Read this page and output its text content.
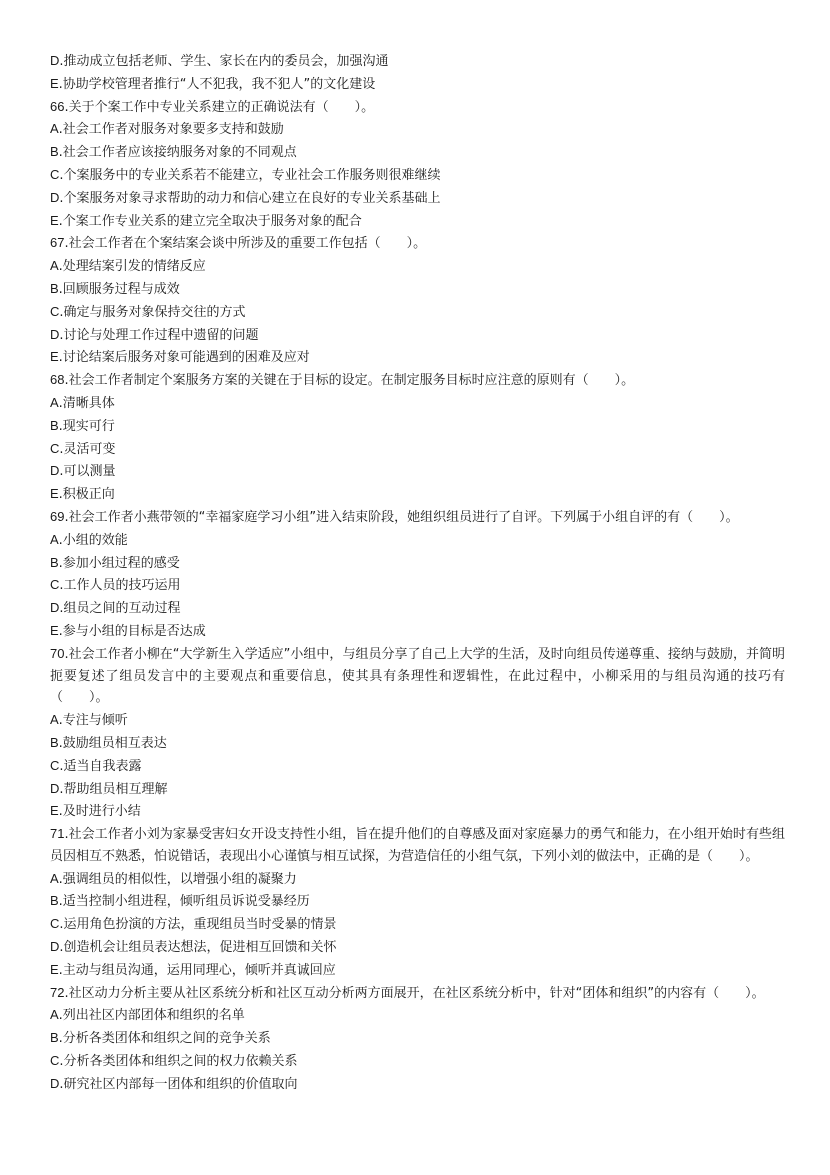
D.推动成立包括老师、学生、家长在内的委员会，加强沟通
E.协助学校管理者推行“人不犯我，我不犯人”的文化建设
66.关于个案工作中专业关系建立的正确说法有（　　）。
A.社会工作者对服务对象要多支持和鼓励
B.社会工作者应该接纳服务对象的不同观点
C.个案服务中的专业关系若不能建立，专业社会工作服务则很难继续
D.个案服务对象寻求帮助的动力和信心建立在良好的专业关系基础上
E.个案工作专业关系的建立完全取决于服务对象的配合
67.社会工作者在个案结案会谈中所涉及的重要工作包括（　　）。
A.处理结案引发的情绪反应
B.回顾服务过程与成效
C.确定与服务对象保持交往的方式
D.讨论与处理工作过程中遗留的问题
E.讨论结案后服务对象可能遇到的困难及应对
68.社会工作者制定个案服务方案的关键在于目标的设定。在制定服务目标时应注意的原则有（　　）。
A.清晰具体
B.现实可行
C.灵活可变
D.可以测量
E.积极正向
69.社会工作者小燕带领的“幸福家庭学习小组”进入结束阶段，她组织组员进行了自评。下列属于小组自评的有（　　）。
A.小组的效能
B.参加小组过程的感受
C.工作人员的技巧运用
D.组员之间的互动过程
E.参与小组的目标是否达成
70.社会工作者小柳在“大学新生入学适应”小组中，与组员分享了自己上大学的生活，及时向组员传递尊重、接纳与鼓励，并简明扼要复述了组员发言中的主要观点和重要信息，使其具有条理性和逻辑性，在此过程中，小柳采用的与组员沟通的技巧有（　　）。
A.专注与倾听
B.鼓励组员相互表达
C.适当自我表露
D.帮助组员相互理解
E.及时进行小结
71.社会工作者小刘为家暴受害妇女开设支持性小组，旨在提升他们的自尊感及面对家庭暴力的勇气和能力，在小组开始时有些组员因相互不熟悉，怕说错话，表现出小心谨慎与相互试探，为营造信任的小组气氛，下列小刘的做法中，正确的是（　　）。
A.强调组员的相似性，以增强小组的凝聚力
B.适当控制小组进程，倾听组员诉说受暴经历
C.运用角色扮演的方法，重现组员当时受暴的情景
D.创造机会让组员表达想法，促进相互回馈和关怀
E.主动与组员沟通，运用同理心，倾听并真诚回应
72.社区动力分析主要从社区系统分析和社区互动分析两方面展开，在社区系统分析中，针对“团体和组织”的内容有（　　）。
A.列出社区内部团体和组织的名单
B.分析各类团体和组织之间的竞争关系
C.分析各类团体和组织之间的权力依赖关系
D.研究社区内部每一团体和组织的价值取向
